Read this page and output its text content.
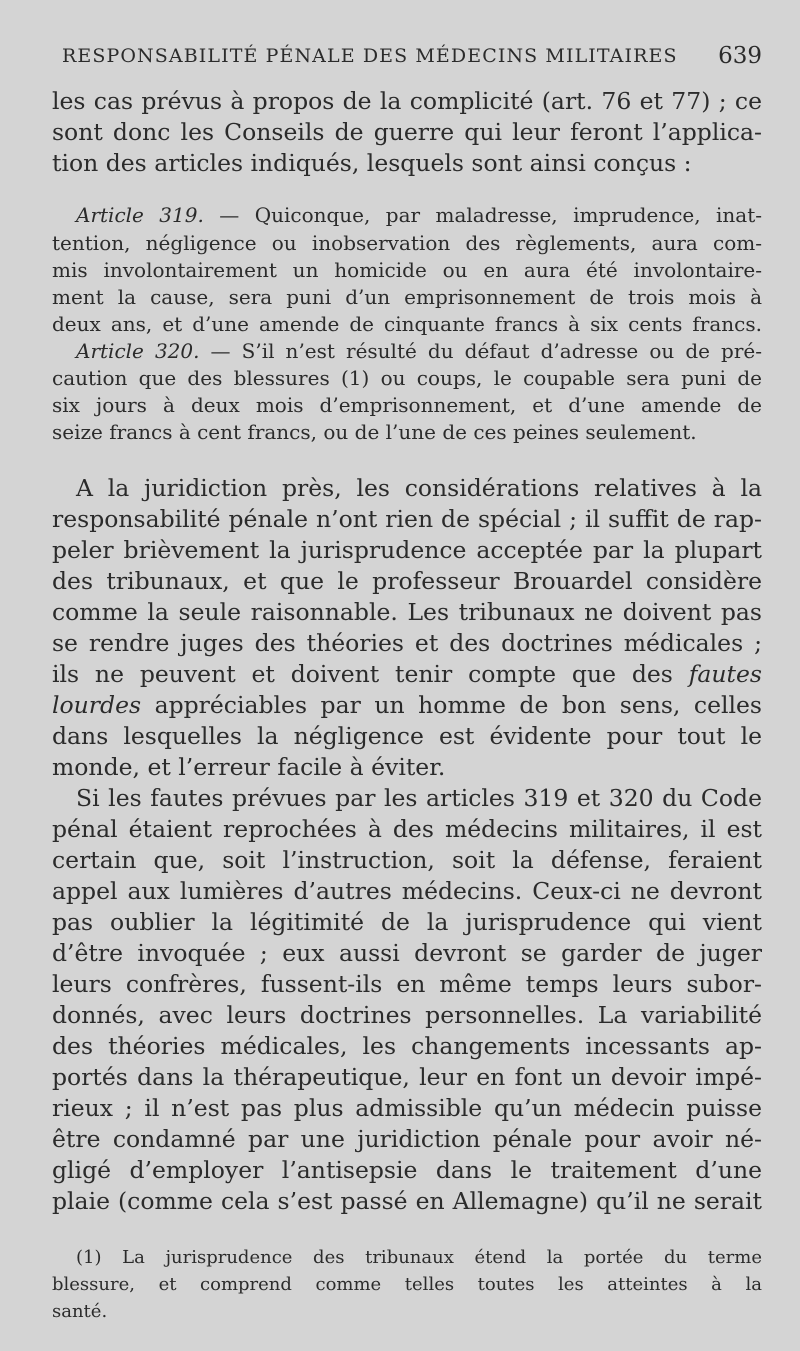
RESPONSABILITÉ PÉNALE DES MÉDECINS MILITAIRES 639
les cas prévus à propos de la complicité (art. 76 et 77) ; ce
sont donc les Conseils de guerre qui leur feront l’applica-
tion des articles indiqués, lesquels sont ainsi conçus :
Article 319. — Quiconque, par maladresse, imprudence, inat-
tention, négligence ou inobservation des règlements, aura com-
mis involontairement un homicide ou en aura été involontaire-
ment la cause, sera puni d’un emprisonnement de trois mois à
deux ans, et d’une amende de cinquante francs à six cents francs.
Article 320. — S’il n’est résulté du défaut d’adresse ou de pré-
caution que des blessures (1) ou coups, le coupable sera puni de
six jours à deux mois d’emprisonnement, et d’une amende de
seize francs à cent francs, ou de l’une de ces peines seulement.
A la juridiction près, les considérations relatives à la
responsabilité pénale n’ont rien de spécial ; il suffit de rap-
peler brièvement la jurisprudence acceptée par la plupart
des tribunaux, et que le professeur Brouardel considère
comme la seule raisonnable. Les tribunaux ne doivent pas
se rendre juges des théories et des doctrines médicales ;
ils ne peuvent et doivent tenir compte que des fautes
lourdes appréciables par un homme de bon sens, celles
dans lesquelles la négligence est évidente pour tout le
monde, et l’erreur facile à éviter.
Si les fautes prévues par les articles 319 et 320 du Code
pénal étaient reprochées à des médecins militaires, il est
certain que, soit l’instruction, soit la défense, feraient
appel aux lumières d’autres médecins. Ceux-ci ne devront
pas oublier la légitimité de la jurisprudence qui vient
d’être invoquée ; eux aussi devront se garder de juger
leurs confrères, fussent-ils en même temps leurs subor-
donnés, avec leurs doctrines personnelles. La variabilité
des théories médicales, les changements incessants ap-
portés dans la thérapeutique, leur en font un devoir impé-
rieux ; il n’est pas plus admissible qu’un médecin puisse
être condamné par une juridiction pénale pour avoir né-
gligé d’employer l’antisepsie dans le traitement d’une
plaie (comme cela s’est passé en Allemagne) qu’il ne serait
(1) La jurisprudence des tribunaux étend la portée du terme
blessure, et comprend comme telles toutes les atteintes à la
santé.
